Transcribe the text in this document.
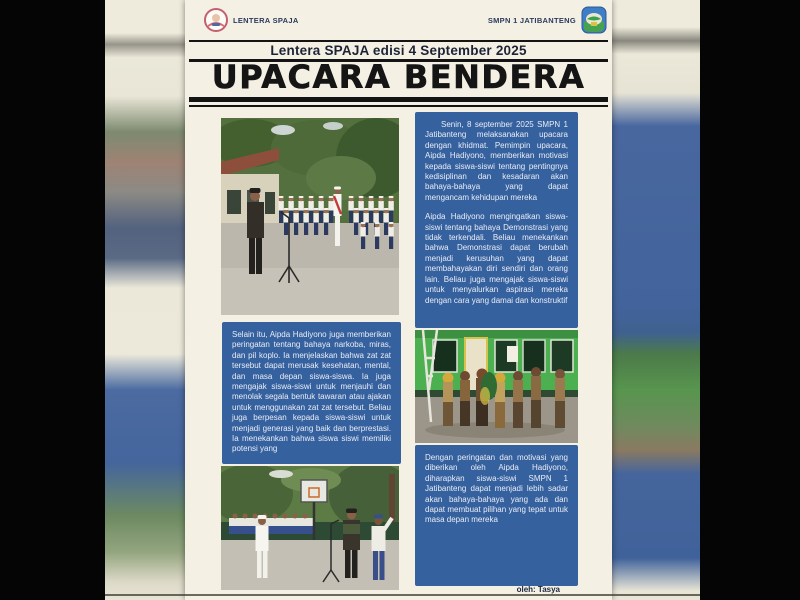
LENTERA SPAJA	SMPN 1 JATIBANTENG
Lentera SPAJA edisi 4 September 2025
UPACARA BENDERA

Senin, 8 september 2025 SMPN 1 Jatibanteng melaksanakan upacara dengan khidmat. Pemimpin upacara, Aipda Hadiyono, memberikan motivasi kepada siswa-siswi tentang pentingnya kedisiplinan dan kesadaran akan bahaya-bahaya yang dapat mengancam kehidupan mereka

Aipda Hadiyono mengingatkan siswa-siswi tentang bahaya Demonstrasi yang tidak terkendali. Beliau menekankan bahwa Demonstrasi dapat berubah menjadi kerusuhan yang dapat membahayakan diri sendiri dan orang lain. Beliau juga mengajak siswa-siswi untuk menyalurkan aspirasi mereka dengan cara yang damai dan konstruktif

Selain itu, Aipda Hadiyono juga memberikan peringatan tentang bahaya narkoba, miras, dan pil koplo. Ia menjelaskan bahwa zat zat tersebut dapat merusak kesehatan, mental, dan masa depan siswa-siswa. Ia juga mengajak siswa-siswi untuk menjauhi dan menolak segala bentuk tawaran atau ajakan untuk menggunakan zat zat tersebut. Beliau juga berpesan kepada siswa-siswi untuk menjadi generasi yang baik dan berprestasi. Ia menekankan bahwa siswa siswi memiliki potensi yang

Dengan peringatan dan motivasi yang diberikan oleh Aipda Hadiyono, diharapkan siswa-siswi SMPN 1 Jatibanteng dapat menjadi lebih sadar akan bahaya-bahaya yang ada dan dapat membuat pilihan yang tepat untuk masa depan mereka

oleh: Tasya
